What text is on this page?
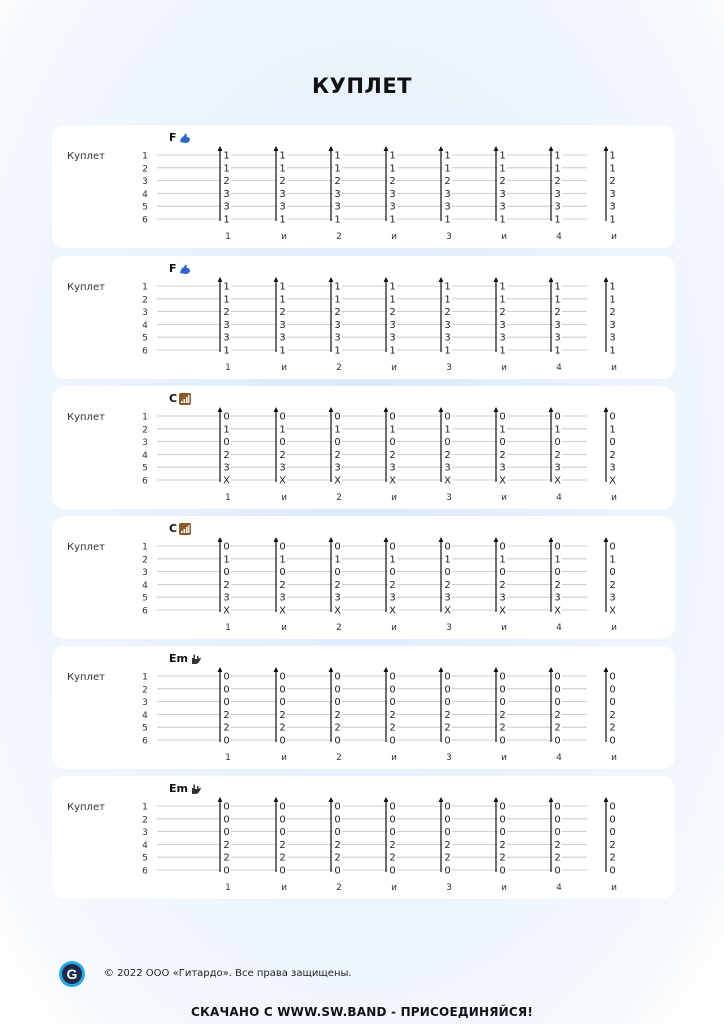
КУПЛЕТ
Куплет
F
1
2
3
4
5
6
1
1
2
3
3
1
1
1
1
2
3
3
1
и
1
1
2
3
3
1
2
1
1
2
3
3
1
и
1
1
2
3
3
1
3
1
1
2
3
3
1
и
1
1
2
3
3
1
4
1
1
2
3
3
1
и
Куплет
F
1
2
3
4
5
6
1
1
2
3
3
1
1
1
1
2
3
3
1
и
1
1
2
3
3
1
2
1
1
2
3
3
1
и
1
1
2
3
3
1
3
1
1
2
3
3
1
и
1
1
2
3
3
1
4
1
1
2
3
3
1
и
Куплет
C
1
2
3
4
5
6
0
1
0
2
3
X
1
0
1
0
2
3
X
и
0
1
0
2
3
X
2
0
1
0
2
3
X
и
0
1
0
2
3
X
3
0
1
0
2
3
X
и
0
1
0
2
3
X
4
0
1
0
2
3
X
и
Куплет
C
1
2
3
4
5
6
0
1
0
2
3
X
1
0
1
0
2
3
X
и
0
1
0
2
3
X
2
0
1
0
2
3
X
и
0
1
0
2
3
X
3
0
1
0
2
3
X
и
0
1
0
2
3
X
4
0
1
0
2
3
X
и
Куплет
Em
1
2
3
4
5
6
0
0
0
2
2
0
1
0
0
0
2
2
0
и
0
0
0
2
2
0
2
0
0
0
2
2
0
и
0
0
0
2
2
0
3
0
0
0
2
2
0
и
0
0
0
2
2
0
4
0
0
0
2
2
0
и
Куплет
Em
1
2
3
4
5
6
0
0
0
2
2
0
1
0
0
0
2
2
0
и
0
0
0
2
2
0
2
0
0
0
2
2
0
и
0
0
0
2
2
0
3
0
0
0
2
2
0
и
0
0
0
2
2
0
4
0
0
0
2
2
0
и
G	© 2022 ООО «Гитардо». Все права защищены.
СКАЧАНО С WWW.SW.BAND - ПРИСОЕДИНЯЙСЯ!
